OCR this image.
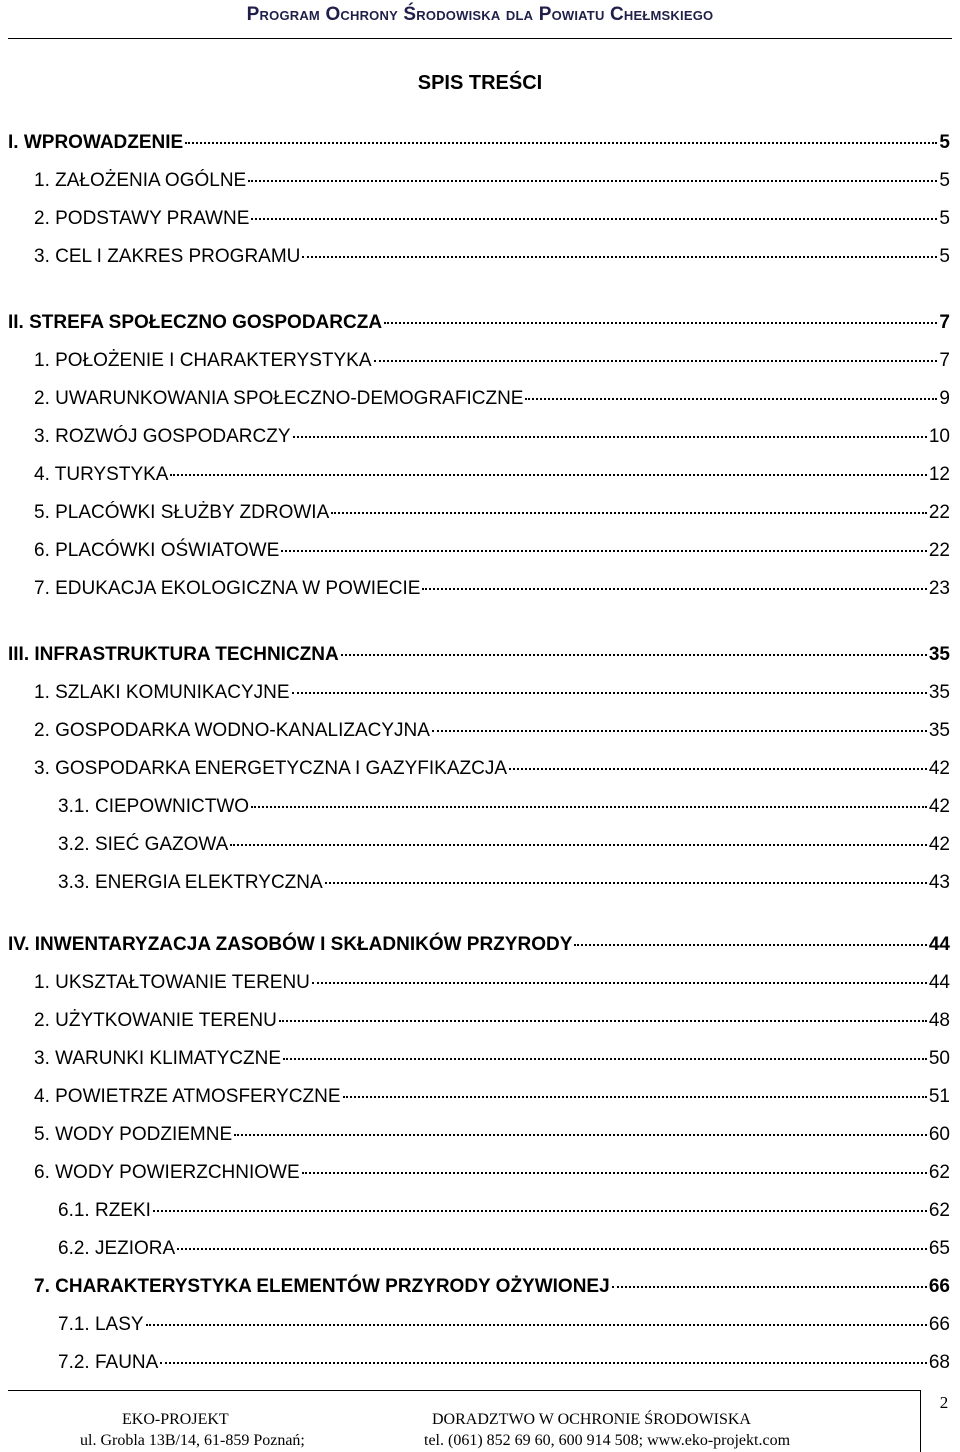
Program Ochrony Środowiska dla Powiatu Chełmskiego
SPIS TREŚCI
I. WPROWADZENIE	5
1. ZAŁOŻENIA OGÓLNE	5
2. PODSTAWY PRAWNE	5
3. CEL I ZAKRES PROGRAMU	5
II. STREFA SPOŁECZNO GOSPODARCZA	7
1. POŁOŻENIE I CHARAKTERYSTYKA	7
2. UWARUNKOWANIA SPOŁECZNO-DEMOGRAFICZNE	9
3. ROZWÓJ GOSPODARCZY	10
4. TURYSTYKA	12
5. PLACÓWKI SŁUŻBY ZDROWIA	22
6. PLACÓWKI OŚWIATOWE	22
7. EDUKACJA EKOLOGICZNA W POWIECIE	23
III. INFRASTRUKTURA TECHNICZNA	35
1. SZLAKI KOMUNIKACYJNE	35
2. GOSPODARKA WODNO-KANALIZACYJNA	35
3. GOSPODARKA ENERGETYCZNA I GAZYFIKAZCJA	42
3.1. CIEPOWNICTWO	42
3.2. SIEĆ GAZOWA	42
3.3. ENERGIA ELEKTRYCZNA	43
IV. INWENTARYZACJA ZASOBÓW I SKŁADNIKÓW PRZYRODY	44
1. UKSZTAŁTOWANIE TERENU	44
2. UŻYTKOWANIE TERENU	48
3. WARUNKI KLIMATYCZNE	50
4. POWIETRZE ATMOSFERYCZNE	51
5. WODY PODZIEMNE	60
6. WODY POWIERZCHNIOWE	62
6.1. RZEKI	62
6.2. JEZIORA	65
7. CHARAKTERYSTYKA ELEMENTÓW PRZYRODY OŻYWIONEJ	66
7.1. LASY	66
7.2. FAUNA	68
2
EKO-PROJEKT
ul. Grobla 13B/14, 61-859 Poznań;
DORADZTWO W OCHRONIE ŚRODOWISKA
tel. (061) 852 69 60, 600 914 508; www.eko-projekt.com
